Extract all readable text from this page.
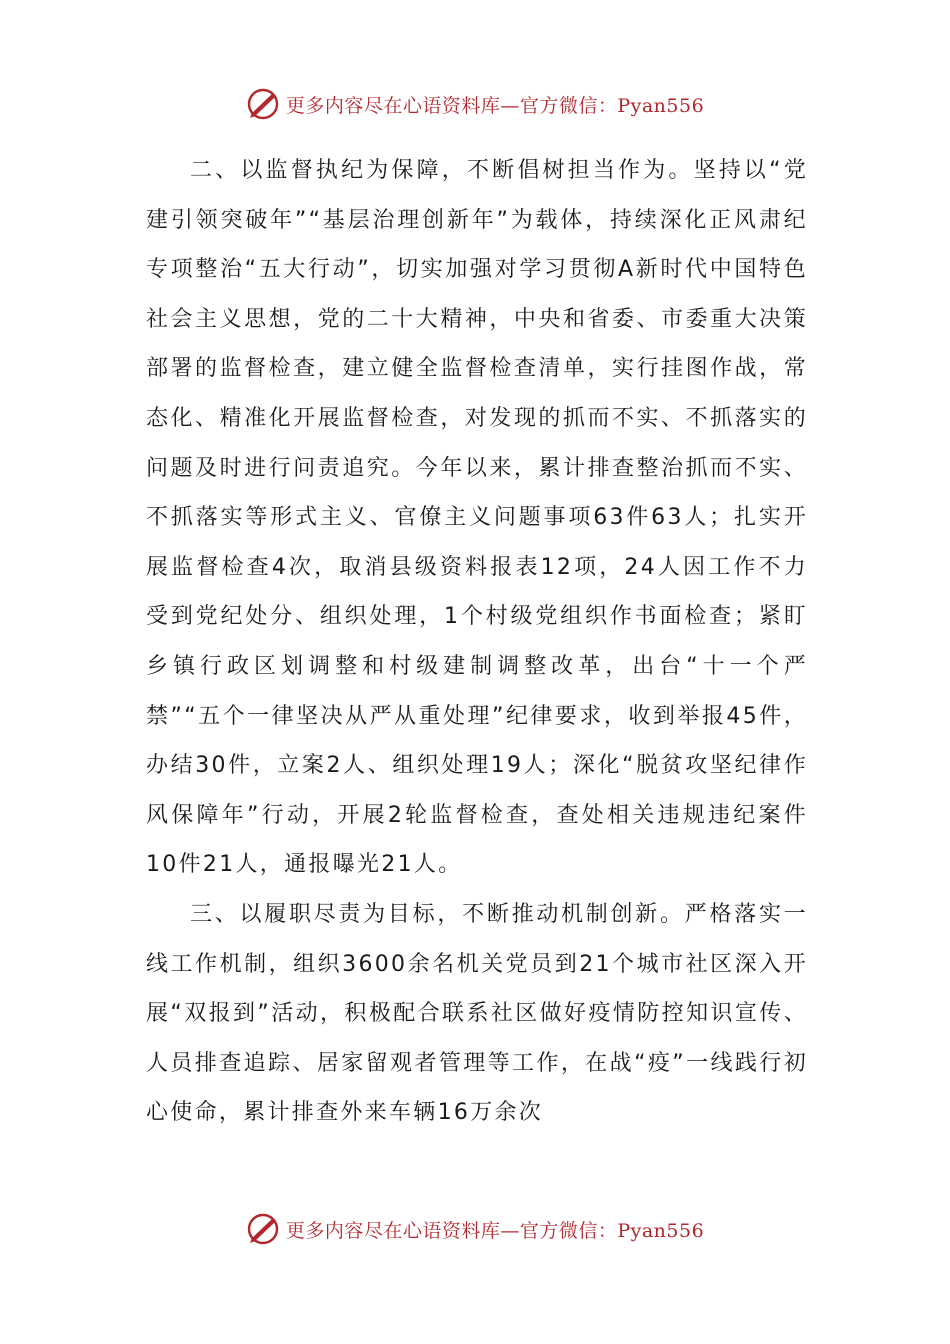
更多内容尽在心语资料库—官方微信：Pyan556

二、以监督执纪为保障，不断倡树担当作为。坚持以“党建引领突破年”“基层治理创新年”为载体，持续深化正风肃纪专项整治“五大行动”，切实加强对学习贯彻A新时代中国特色社会主义思想，党的二十大精神，中央和省委、市委重大决策部署的监督检查，建立健全监督检查清单，实行挂图作战，常态化、精准化开展监督检查，对发现的抓而不实、不抓落实的问题及时进行问责追究。今年以来，累计排查整治抓而不实、不抓落实等形式主义、官僚主义问题事项63件63人；扎实开展监督检查4次，取消县级资料报表12项，24人因工作不力受到党纪处分、组织处理，1个村级党组织作书面检查；紧盯乡镇行政区划调整和村级建制调整改革，出台“十一个严禁”“五个一律坚决从严从重处理”纪律要求，收到举报45件，办结30件，立案2人、组织处理19人；深化“脱贫攻坚纪律作风保障年”行动，开展2轮监督检查，查处相关违规违纪案件10件21人，通报曝光21人。

三、以履职尽责为目标，不断推动机制创新。严格落实一线工作机制，组织3600余名机关党员到21个城市社区深入开展“双报到”活动，积极配合联系社区做好疫情防控知识宣传、人员排查追踪、居家留观者管理等工作，在战“疫”一线践行初心使命，累计排查外来车辆16万余次

更多内容尽在心语资料库—官方微信：Pyan556
